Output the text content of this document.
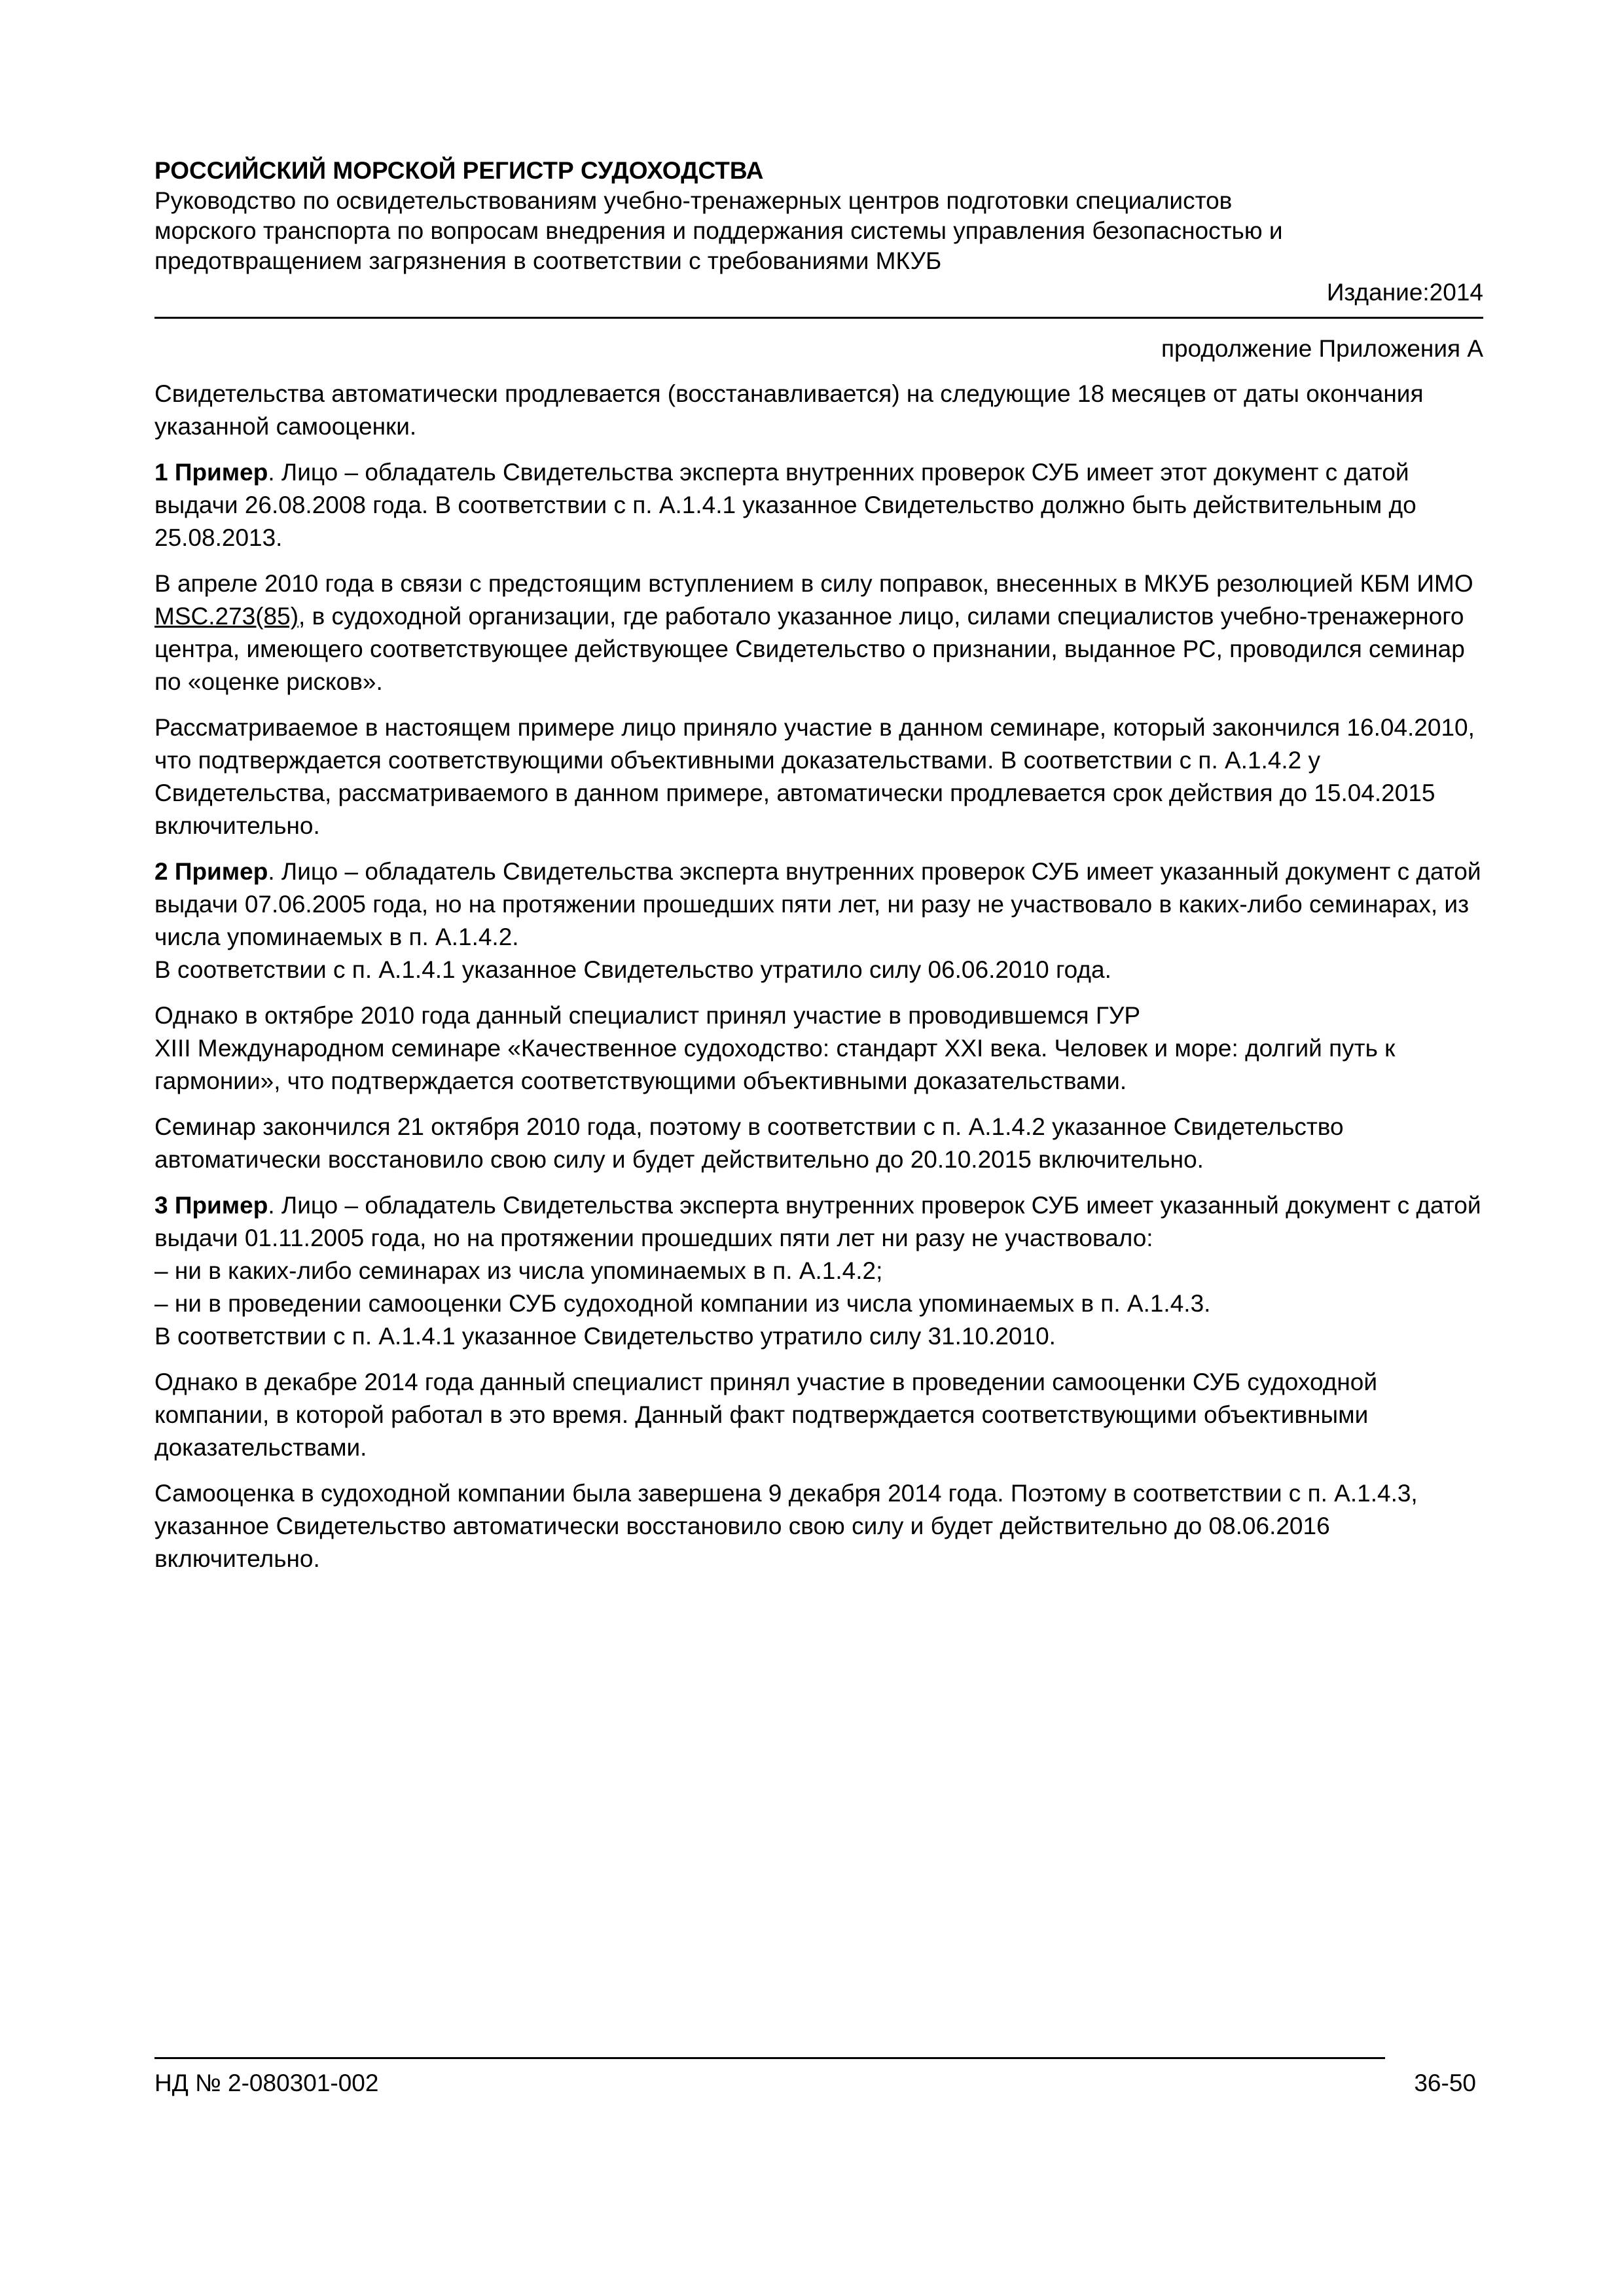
РОССИЙСКИЙ МОРСКОЙ РЕГИСТР СУДОХОДСТВА

Руководство по освидетельствованиям учебно-тренажерных центров подготовки специалистов

морского транспорта по вопросам внедрения и поддержания системы управления безопасностью и

предотвращением загрязнения в соответствии с требованиями МКУБ

Издание:2014

продолжение Приложения А

Свидетельства автоматически продлевается (восстанавливается) на следующие 18 месяцев от даты окончания указанной самооценки.

1 Пример. Лицо – обладатель Свидетельства эксперта внутренних проверок СУБ имеет этот документ с датой выдачи 26.08.2008 года. В соответствии с п. А.1.4.1 указанное Свидетельство должно быть действительным до 25.08.2013.

В апреле 2010 года в связи с предстоящим вступлением в силу поправок, внесенных в МКУБ резолюцией КБМ ИМО MSC.273(85), в судоходной организации, где работало указанное лицо, силами специалистов учебно-тренажерного центра, имеющего соответствующее действующее Свидетельство о признании, выданное РС, проводился семинар по «оценке рисков».

Рассматриваемое в настоящем примере лицо приняло участие в данном семинаре, который закончился 16.04.2010, что подтверждается соответствующими объективными доказательствами. В соответствии с п. А.1.4.2 у Свидетельства, рассматриваемого в данном примере, автоматически продлевается срок действия до 15.04.2015 включительно.

2 Пример. Лицо – обладатель Свидетельства эксперта внутренних проверок СУБ имеет указанный документ с датой выдачи 07.06.2005 года, но на протяжении прошедших пяти лет, ни разу не участвовало в каких-либо семинарах, из числа упоминаемых в п. А.1.4.2.
В соответствии с п. А.1.4.1 указанное Свидетельство утратило силу 06.06.2010 года.

Однако в октябре 2010 года данный специалист принял участие в проводившемся ГУР
XIII Международном семинаре «Качественное судоходство: стандарт XXI века. Человек и море: долгий путь к гармонии», что подтверждается соответствующими объективными доказательствами.

Семинар закончился 21 октября 2010 года, поэтому в соответствии с п. А.1.4.2 указанное Свидетельство автоматически восстановило свою силу и будет действительно до 20.10.2015 включительно.

3 Пример. Лицо – обладатель Свидетельства эксперта внутренних проверок СУБ имеет указанный документ с датой выдачи 01.11.2005 года, но на протяжении прошедших пяти лет ни разу не участвовало:
– ни в каких-либо семинарах из числа упоминаемых в п. А.1.4.2;
– ни в проведении самооценки СУБ судоходной компании из числа упоминаемых в п. А.1.4.3.
В соответствии с п. А.1.4.1 указанное Свидетельство утратило силу 31.10.2010.

Однако в декабре 2014 года данный специалист принял участие в проведении самооценки СУБ судоходной компании, в которой работал в это время. Данный факт подтверждается соответствующими объективными доказательствами.

Самооценка в судоходной компании была завершена 9 декабря 2014 года. Поэтому в соответствии с п. А.1.4.3, указанное Свидетельство автоматически восстановило свою силу и будет действительно до 08.06.2016 включительно.

НД № 2-080301-002	36-50
